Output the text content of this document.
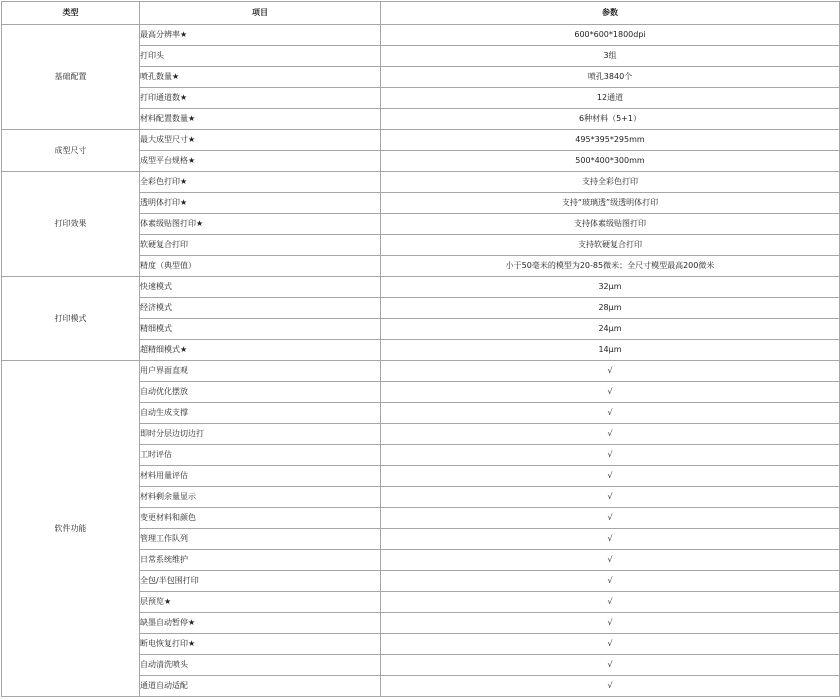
类型	项目	参数
基础配置	最高分辨率★	600*600*1800dpi
	打印头	3组
	喷孔数量★	喷孔3840个
	打印通道数★	12通道
	材料配置数量★	6种材料（5+1）
成型尺寸	最大成型尺寸★	495*395*295mm
	成型平台规格★	500*400*300mm
打印效果	全彩色打印★	支持全彩色打印
	透明体打印★	支持“玻璃透”级透明体打印
	体素级贴图打印★	支持体素级贴图打印
	软硬复合打印	支持软硬复合打印
	精度（典型值）	小于50毫米的模型为20-85微米；全尺寸模型最高200微米
打印模式	快速模式	32μm
	经济模式	28μm
	精细模式	24μm
	超精细模式★	14μm
软件功能	用户界面直观	√
	自动优化摆放	√
	自动生成支撑	√
	即时分层边切边打	√
	工时评估	√
	材料用量评估	√
	材料剩余量显示	√
	变更材料和颜色	√
	管理工作队列	√
	日常系统维护	√
	全包/半包围打印	√
	层预览★	√
	缺墨自动暂停★	√
	断电恢复打印★	√
	自动清洗喷头	√
	通道自动适配	√
